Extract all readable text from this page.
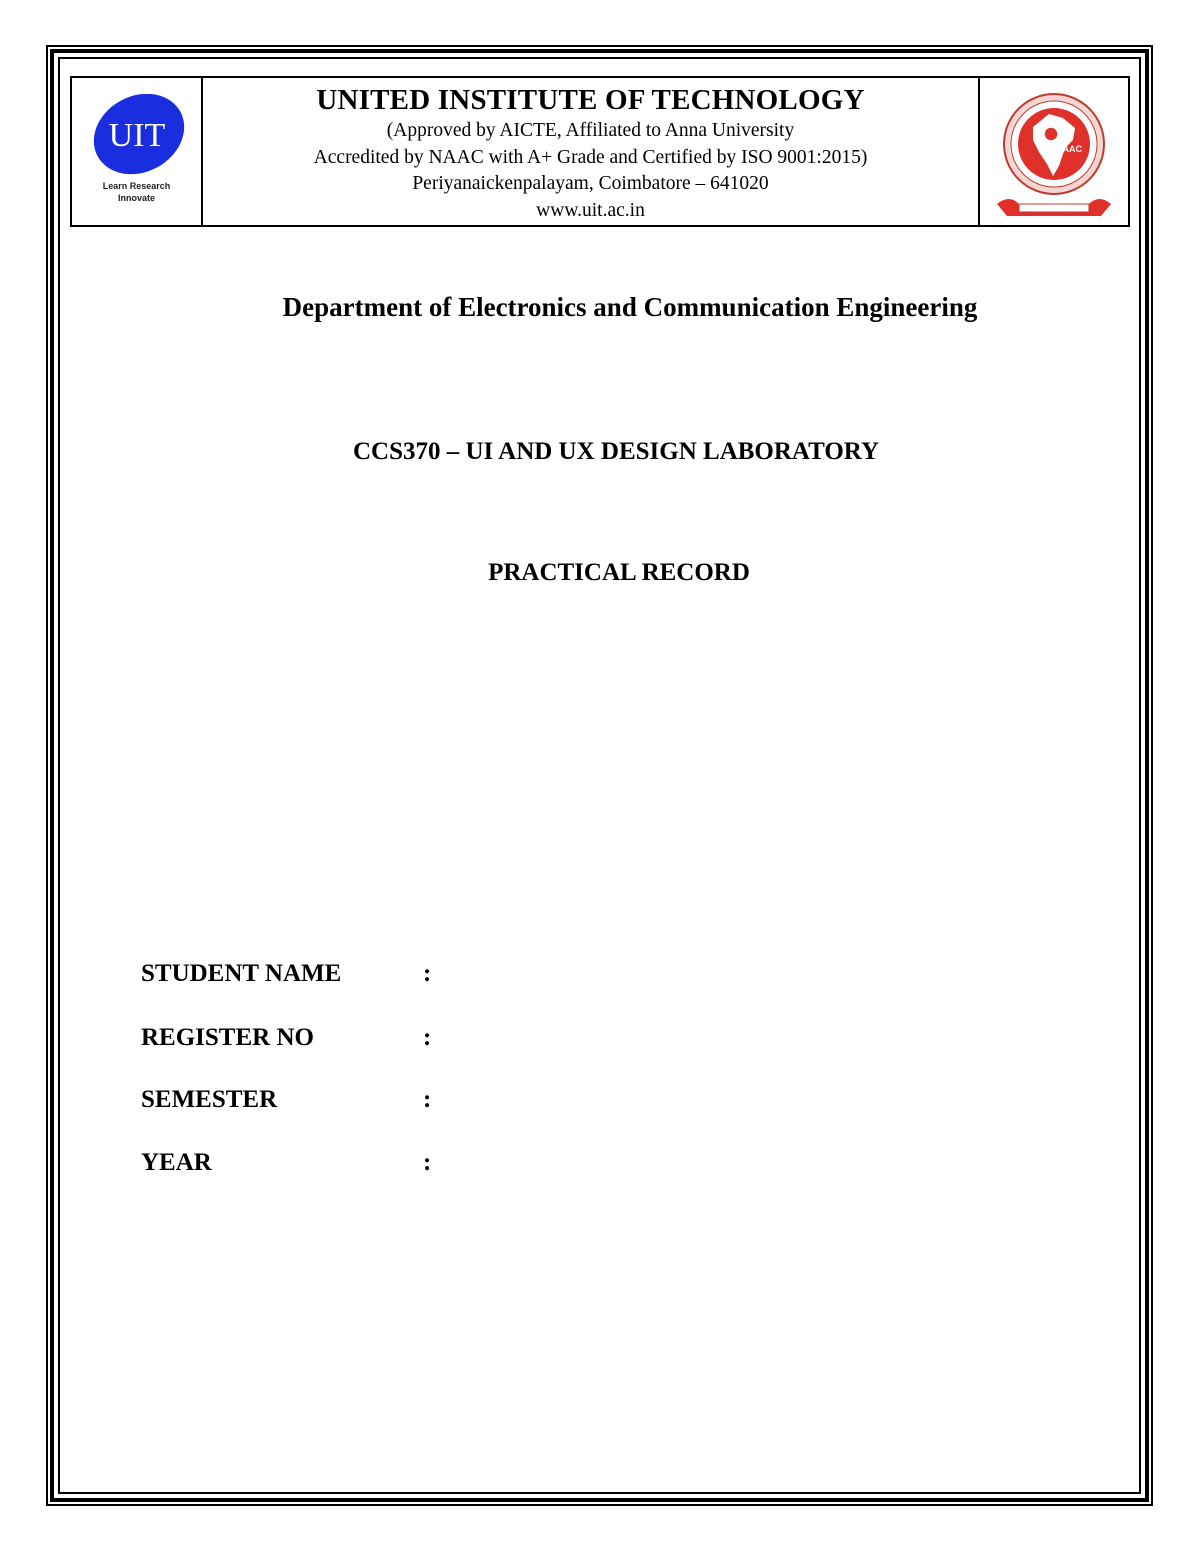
UIT
Learn Research
Innovate
UNITED INSTITUTE OF TECHNOLOGY
(Approved by AICTE, Affiliated to Anna University
Accredited by NAAC with A+ Grade and Certified by ISO 9001:2015)
Periyanaickenpalayam, Coimbatore – 641020
www.uit.ac.in
NAAC
Department of Electronics and Communication Engineering
CCS370 – UI AND UX DESIGN LABORATORY
PRACTICAL RECORD
STUDENT NAME	:
REGISTER NO	:
SEMESTER	:
YEAR	:
